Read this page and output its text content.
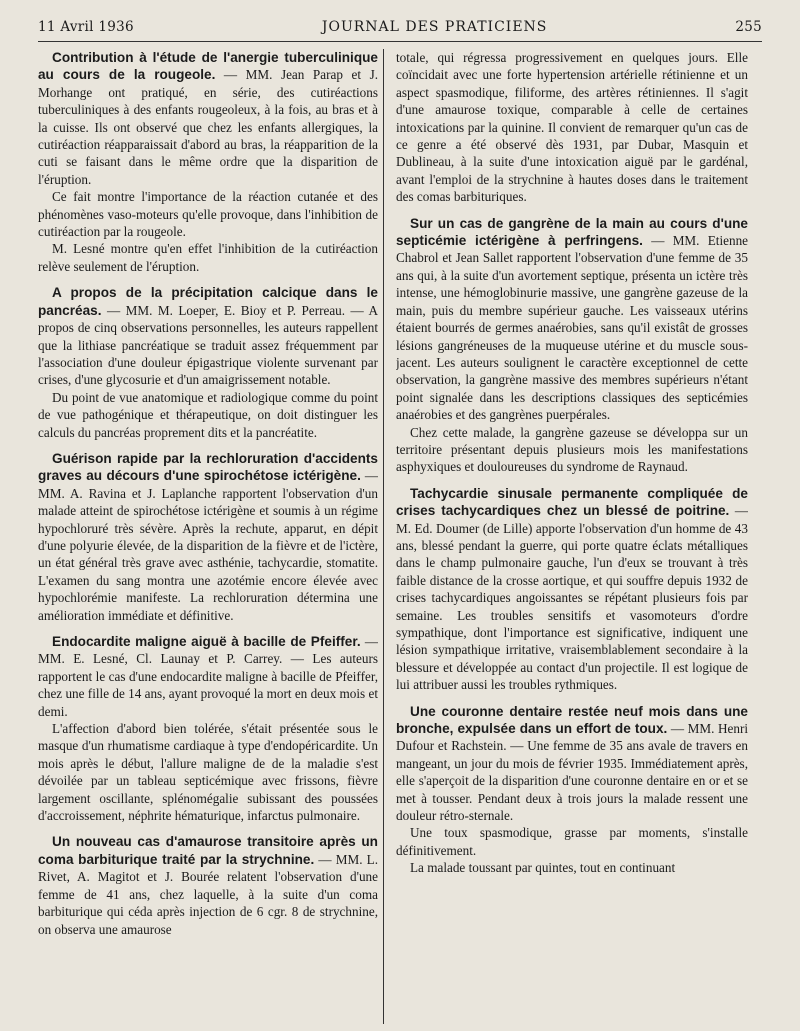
11 Avril 1936	JOURNAL DES PRATICIENS	255

Contribution à l'étude de l'anergie tuberculinique au cours de la rougeole. — MM. Jean Parap et J. Morhange ont pratiqué, en série, des cutiréactions tuberculiniques à des enfants rougeoleux, à la fois, au bras et à la cuisse. Ils ont observé que chez les enfants allergiques, la cutiréaction réapparaissait d'abord au bras, la réapparition de la cuti se faisant dans le même ordre que la disparition de l'éruption.

Ce fait montre l'importance de la réaction cutanée et des phénomènes vaso-moteurs qu'elle provoque, dans l'inhibition de cutiréaction par la rougeole.

M. Lesné montre qu'en effet l'inhibition de la cutiréaction relève seulement de l'éruption.

A propos de la précipitation calcique dans le pancréas. — MM. M. Loeper, E. Bioy et P. Perreau. — A propos de cinq observations personnelles, les auteurs rappellent que la lithiase pancréatique se traduit assez fréquemment par l'association d'une douleur épigastrique violente survenant par crises, d'une glycosurie et d'un amaigrissement notable.

Du point de vue anatomique et radiologique comme du point de vue pathogénique et thérapeutique, on doit distinguer les calculs du pancréas proprement dits et la pancréatite.

Guérison rapide par la rechloruration d'accidents graves au décours d'une spirochétose ictérigène. — MM. A. Ravina et J. Laplanche rapportent l'observation d'un malade atteint de spirochétose ictérigène et soumis à un régime hypochloruré très sévère. Après la rechute, apparut, en dépit d'une polyurie élevée, de la disparition de la fièvre et de l'ictère, un état général très grave avec asthénie, tachycardie, stomatite. L'examen du sang montra une azotémie encore élevée avec hypochlorémie manifeste. La rechloruration détermina une amélioration immédiate et définitive.

Endocardite maligne aiguë à bacille de Pfeiffer. — MM. E. Lesné, Cl. Launay et P. Carrey. — Les auteurs rapportent le cas d'une endocardite maligne à bacille de Pfeiffer, chez une fille de 14 ans, ayant provoqué la mort en deux mois et demi.

L'affection d'abord bien tolérée, s'était présentée sous le masque d'un rhumatisme cardiaque à type d'endopéricardite. Un mois après le début, l'allure maligne de de la maladie s'est dévoilée par un tableau septicémique avec frissons, fièvre largement oscillante, splénomégalie subissant des poussées d'accroissement, néphrite hématurique, infarctus pulmonaire.

Un nouveau cas d'amaurose transitoire après un coma barbiturique traité par la strychnine. — MM. L. Rivet, A. Magitot et J. Bourée relatent l'observation d'une femme de 41 ans, chez laquelle, à la suite d'un coma barbiturique qui céda après injection de 6 cgr. 8 de strychnine, on observa une amaurose

totale, qui régressa progressivement en quelques jours. Elle coïncidait avec une forte hypertension artérielle rétinienne et un aspect spasmodique, filiforme, des artères rétiniennes. Il s'agit d'une amaurose toxique, comparable à celle de certaines intoxications par la quinine. Il convient de remarquer qu'un cas de ce genre a été observé dès 1931, par Dubar, Masquin et Dublineau, à la suite d'une intoxication aiguë par le gardénal, avant l'emploi de la strychnine à hautes doses dans le traitement des comas barbituriques.

Sur un cas de gangrène de la main au cours d'une septicémie ictérigène à perfringens. — MM. Etienne Chabrol et Jean Sallet rapportent l'observation d'une femme de 35 ans qui, à la suite d'un avortement septique, présenta un ictère très intense, une hémoglobinurie massive, une gangrène gazeuse de la main, puis du membre supérieur gauche. Les vaisseaux utérins étaient bourrés de germes anaérobies, sans qu'il existât de grosses lésions gangréneuses de la muqueuse utérine et du muscle sous-jacent. Les auteurs soulignent le caractère exceptionnel de cette observation, la gangrène massive des membres supérieurs n'étant point signalée dans les descriptions classiques des septicémies anaérobies et des gangrènes puerpérales.

Chez cette malade, la gangrène gazeuse se développa sur un territoire présentant depuis plusieurs mois les manifestations asphyxiques et douloureuses du syndrome de Raynaud.

Tachycardie sinusale permanente compliquée de crises tachycardiques chez un blessé de poitrine. — M. Ed. Doumer (de Lille) apporte l'observation d'un homme de 43 ans, blessé pendant la guerre, qui porte quatre éclats métalliques dans le champ pulmonaire gauche, l'un d'eux se trouvant à très faible distance de la crosse aortique, et qui souffre depuis 1932 de crises tachycardiques angoissantes se répétant plusieurs fois par semaine. Les troubles sensitifs et vasomoteurs d'ordre sympathique, dont l'importance est significative, indiquent une lésion sympathique irritative, vraisemblablement secondaire à la blessure et développée au contact d'un projectile. Il est logique de lui attribuer aussi les troubles rythmiques.

Une couronne dentaire restée neuf mois dans une bronche, expulsée dans un effort de toux. — MM. Henri Dufour et Rachstein. — Une femme de 35 ans avale de travers en mangeant, un jour du mois de février 1935. Immédiatement après, elle s'aperçoit de la disparition d'une couronne dentaire en or et se met à tousser. Pendant deux à trois jours la malade ressent une douleur rétro-sternale.

Une toux spasmodique, grasse par moments, s'installe définitivement.

La malade toussant par quintes, tout en continuant
